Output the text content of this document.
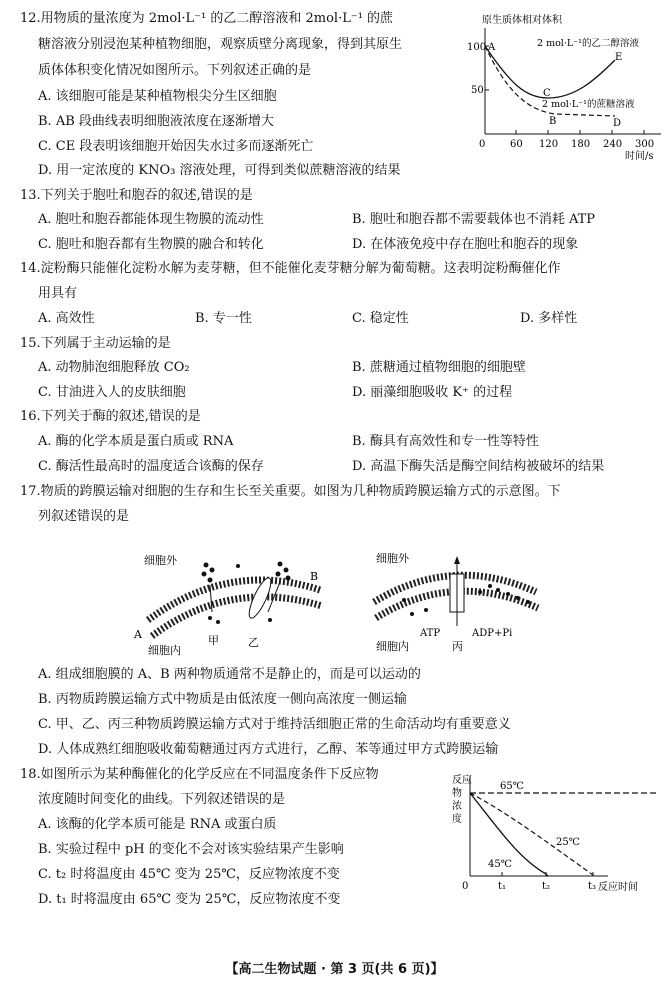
12.用物质的量浓度为 2mol·L⁻¹ 的乙二醇溶液和 2mol·L⁻¹ 的蔗
糖溶液分别浸泡某种植物细胞，观察质壁分离现象，得到其原生
质体体积变化情况如图所示。下列叙述正确的是
A. 该细胞可能是某种植物根尖分生区细胞
B. AB 段曲线表明细胞液浓度在逐渐增大
C. CE 段表明该细胞开始因失水过多而逐渐死亡
D. 用一定浓度的 KNO₃ 溶液处理，可得到类似蔗糖溶液的结果
原生质体相对体积
100
50
0 60 120 180 240 300
时间/s
A
B
C
D
E
2 mol·L⁻¹的乙二醇溶液
2 mol·L⁻¹的蔗糖溶液
13.下列关于胞吐和胞吞的叙述,错误的是
A. 胞吐和胞吞都能体现生物膜的流动性	B. 胞吐和胞吞都不需要载体也不消耗 ATP
C. 胞吐和胞吞都有生物膜的融合和转化	D. 在体液免疫中存在胞吐和胞吞的现象
14.淀粉酶只能催化淀粉水解为麦芽糖，但不能催化麦芽糖分解为葡萄糖。这表明淀粉酶催化作
用具有
A. 高效性	B. 专一性	C. 稳定性	D. 多样性
15.下列属于主动运输的是
A. 动物肺泡细胞释放 CO₂	B. 蔗糖通过植物细胞的细胞壁
C. 甘油进入人的皮肤细胞	D. 丽藻细胞吸收 K⁺ 的过程
16.下列关于酶的叙述,错误的是
A. 酶的化学本质是蛋白质或 RNA	B. 酶具有高效性和专一性等特性
C. 酶活性最高时的温度适合该酶的保存	D. 高温下酶失活是酶空间结构被破坏的结果
17.物质的跨膜运输对细胞的生存和生长至关重要。如图为几种物质跨膜运输方式的示意图。下
列叙述错误的是
细胞外
细胞内
A
B
甲	乙
细胞外
细胞内	丙
ATP	ADP+Pi
A. 组成细胞膜的 A、B 两种物质通常不是静止的，而是可以运动的
B. 丙物质跨膜运输方式中物质是由低浓度一侧向高浓度一侧运输
C. 甲、乙、丙三种物质跨膜运输方式对于维持活细胞正常的生命活动均有重要意义
D. 人体成熟红细胞吸收葡萄糖通过丙方式进行，乙醇、苯等通过甲方式跨膜运输
18.如图所示为某种酶催化的化学反应在不同温度条件下反应物
浓度随时间变化的曲线。下列叙述错误的是
A. 该酶的化学本质可能是 RNA 或蛋白质
B. 实验过程中 pH 的变化不会对该实验结果产生影响
C. t₂ 时将温度由 45℃ 变为 25℃，反应物浓度不变
D. t₁ 时将温度由 65℃ 变为 25℃，反应物浓度不变
反应
物
浓
度
0	t₁	t₂	t₃ 反应时间
65℃
25℃
45℃
【高二生物试题 · 第 3 页(共 6 页)】
